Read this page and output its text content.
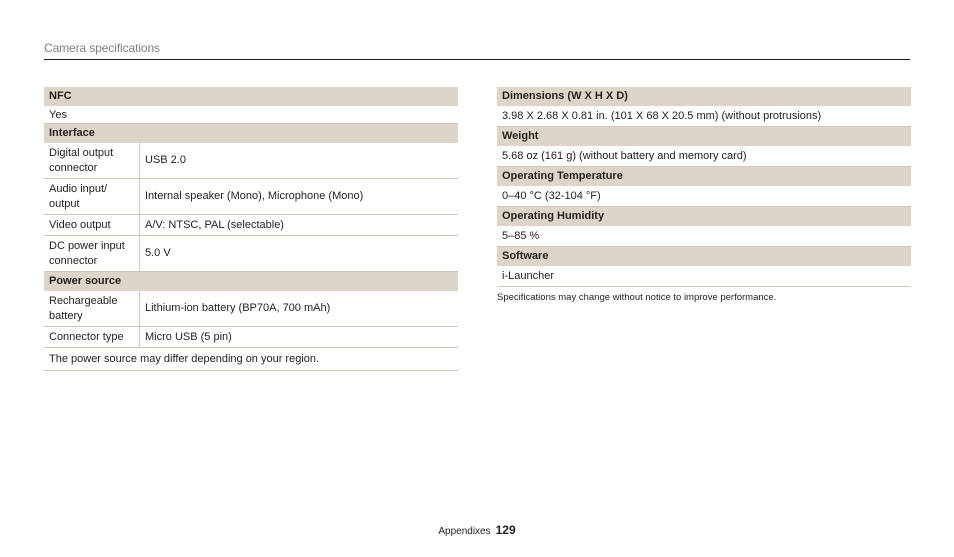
Camera specifications
NFC
Yes
Interface
Digital output connector
USB 2.0
Audio input/ output
Internal speaker (Mono), Microphone (Mono)
Video output	A/V: NTSC, PAL (selectable)
DC power input connector
5.0 V
Power source
Rechargeable battery
Lithium-ion battery (BP70A, 700 mAh)
Connector type	Micro USB (5 pin)
The power source may differ depending on your region.
Dimensions (W X H X D)
3.98 X 2.68 X 0.81 in. (101 X 68 X 20.5 mm) (without protrusions)
Weight
5.68 oz (161 g) (without battery and memory card)
Operating Temperature
0–40 °C (32-104 °F)
Operating Humidity
5–85 %
Software
i-Launcher
Specifications may change without notice to improve performance.
Appendixes 129
